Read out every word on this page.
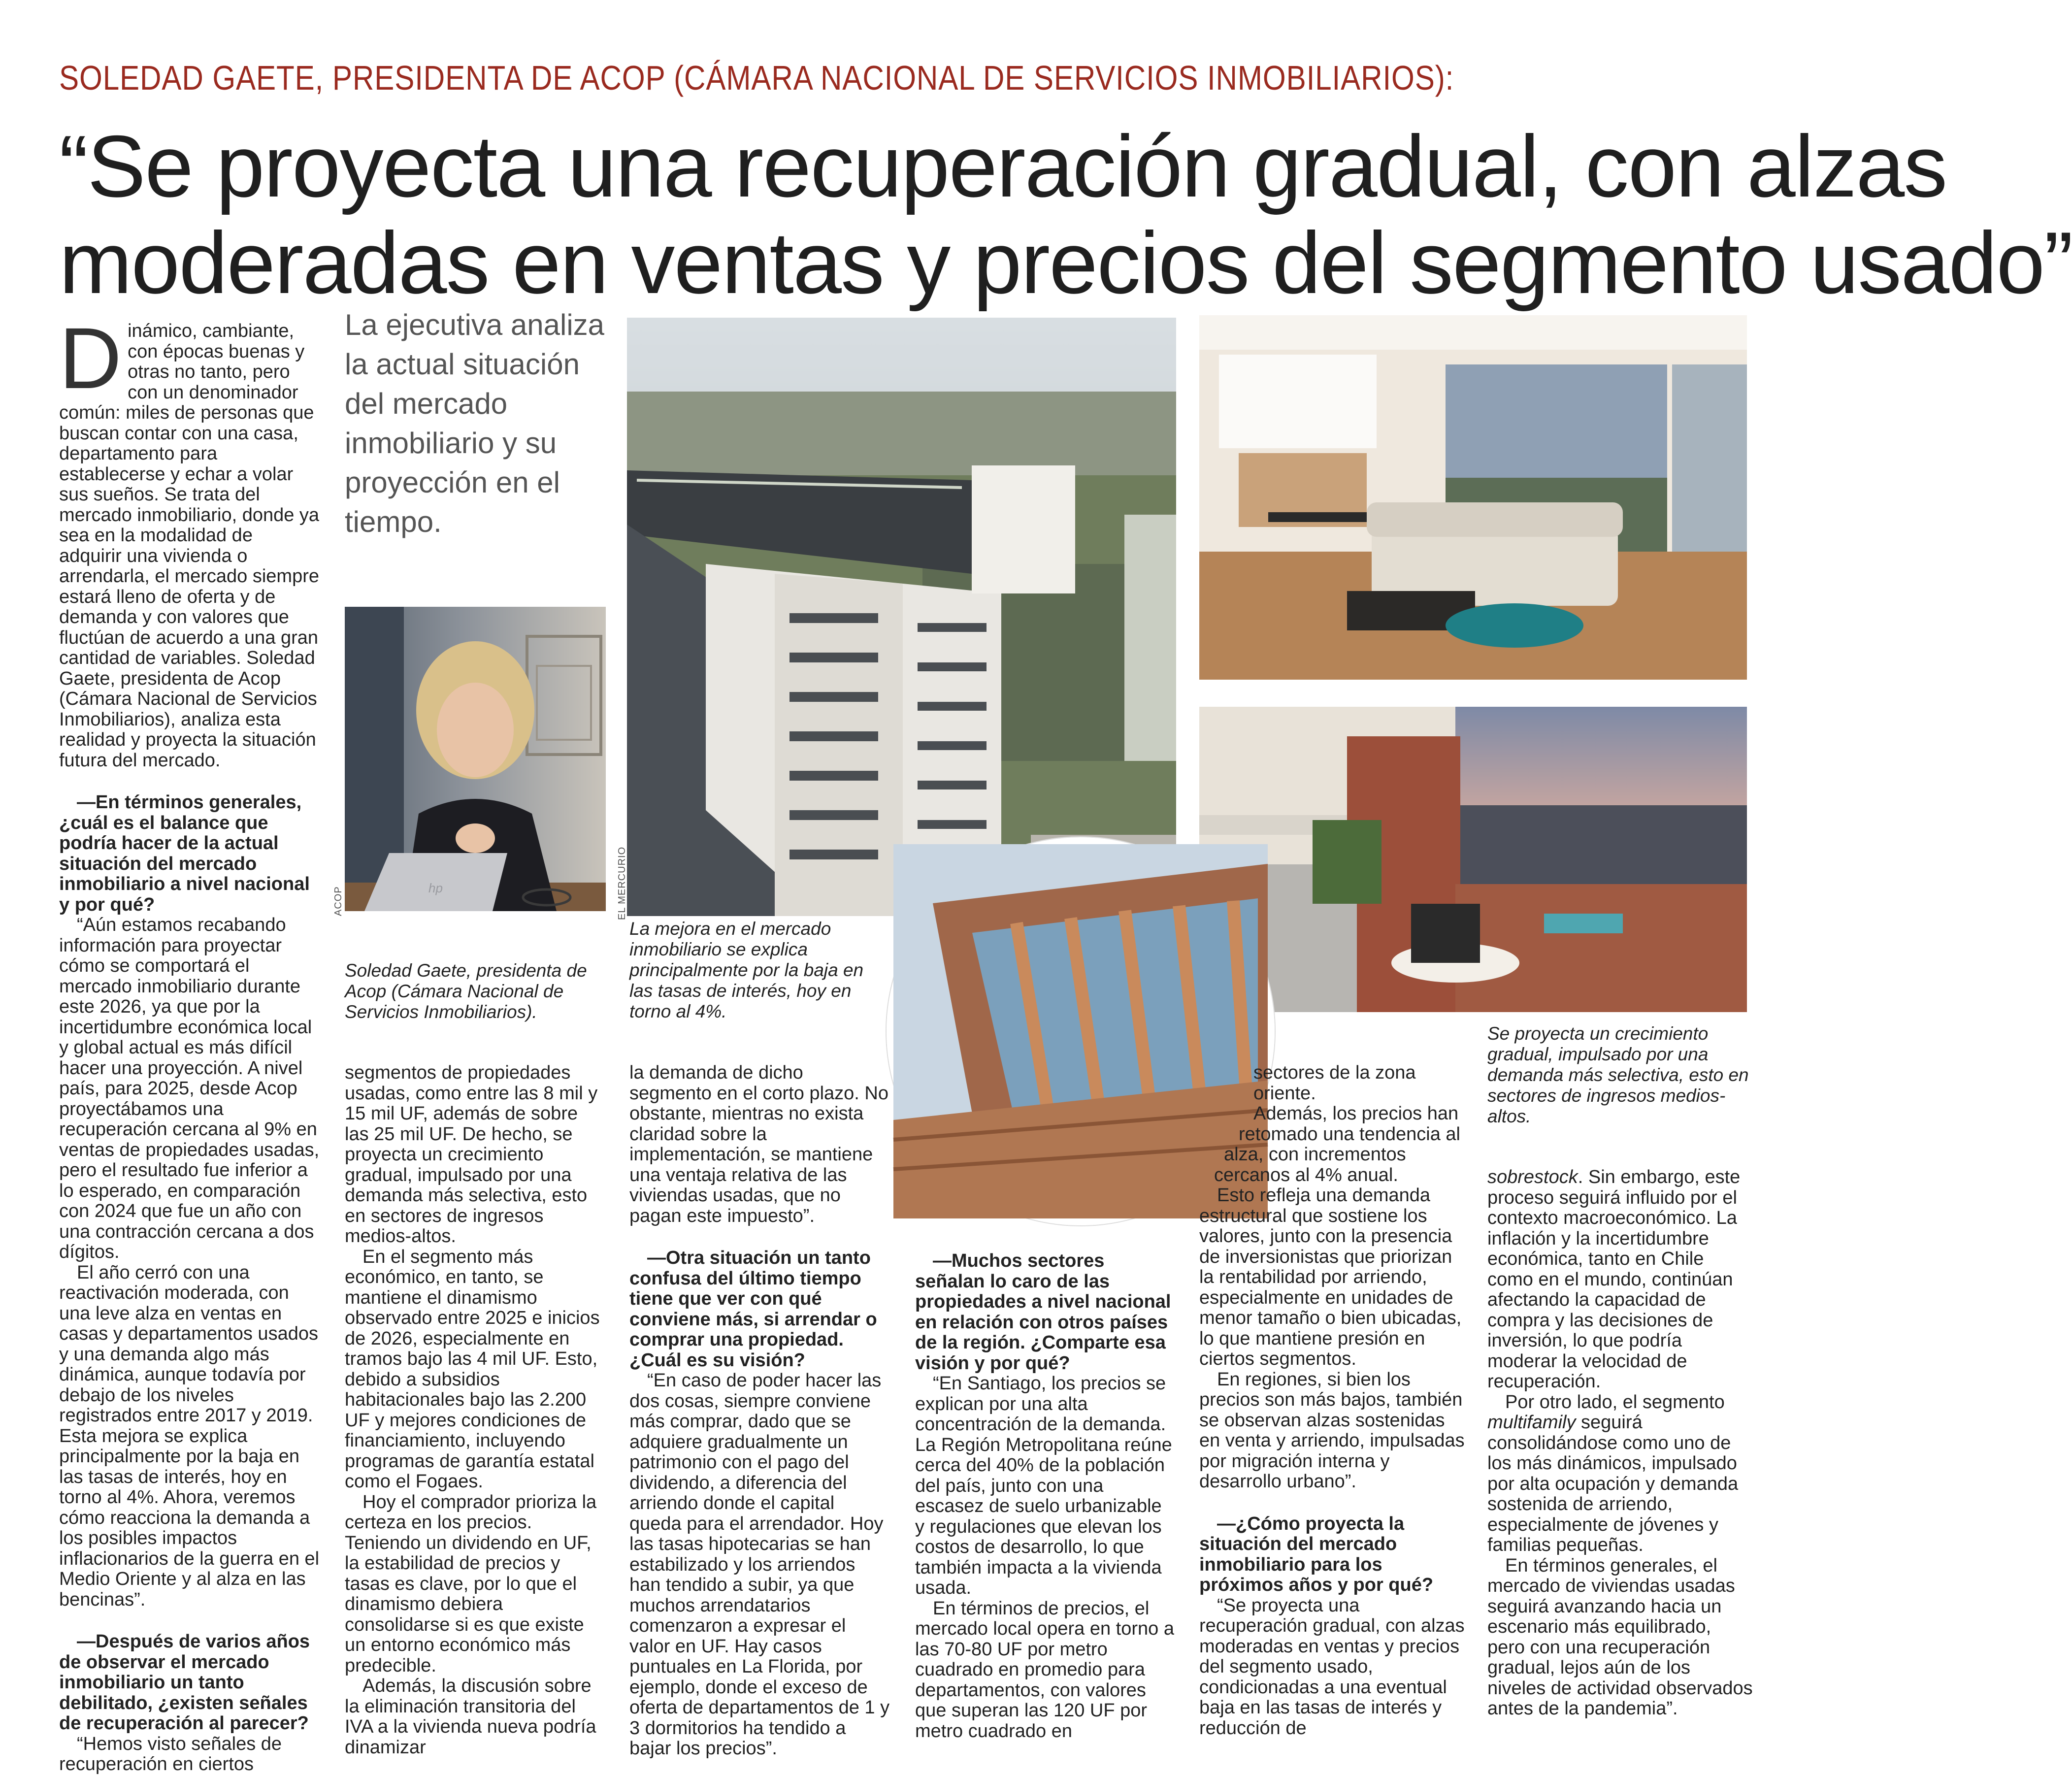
SOLEDAD GAETE, PRESIDENTA DE ACOP (CÁMARA NACIONAL DE SERVICIOS INMOBILIARIOS):
“Se proyecta una recuperación gradual, con alzas
moderadas en ventas y precios del segmento usado”

Dinámico, cambiante, con épocas buenas y otras no tanto, pero con un denominador común: miles de personas que buscan contar con una casa, departamento para establecerse y echar a volar sus sueños. Se trata del mercado inmobiliario, donde ya sea en la modalidad de adquirir una vivienda o arrendarla, el mercado siempre estará lleno de oferta y de demanda y con valores que fluctúan de acuerdo a una gran cantidad de variables. Soledad Gaete, presidenta de Acop (Cámara Nacional de Servicios Inmobiliarios), analiza esta realidad y proyecta la situación futura del mercado.

—En términos generales, ¿cuál es el balance que podría hacer de la actual situación del mercado inmobiliario a nivel nacional y por qué?

“Aún estamos recabando información para proyectar cómo se comportará el mercado inmobiliario durante este 2026, ya que por la incertidumbre económica local y global actual es más difícil hacer una proyección. A nivel país, para 2025, desde Acop proyectábamos una recuperación cercana al 9% en ventas de propiedades usadas, pero el resultado fue inferior a lo esperado, en comparación con 2024 que fue un año con una contracción cercana a dos dígitos.

El año cerró con una reactivación moderada, con una leve alza en ventas en casas y departamentos usados y una demanda algo más dinámica, aunque todavía por debajo de los niveles registrados entre 2017 y 2019. Esta mejora se explica principalmente por la baja en las tasas de interés, hoy en torno al 4%. Ahora, veremos cómo reacciona la demanda a los posibles impactos inflacionarios de la guerra en el Medio Oriente y al alza en las bencinas”.

—Después de varios años de observar el mercado inmobiliario un tanto debilitado, ¿existen señales de recuperación al parecer?

“Hemos visto señales de recuperación en ciertos

La ejecutiva analiza la actual situación del mercado inmobiliario y su proyección en el tiempo.
hp
ACOP
Soledad Gaete, presidenta de Acop (Cámara Nacional de Servicios Inmobiliarios).
EL MERCURIO
La mejora en el mercado inmobiliario se explica principalmente por la baja en las tasas de interés, hoy en torno al 4%.
Se proyecta un crecimiento gradual, impulsado por una demanda más selectiva, esto en sectores de ingresos medios-altos.

segmentos de propiedades usadas, como entre las 8 mil y 15 mil UF, además de sobre las 25 mil UF. De hecho, se proyecta un crecimiento gradual, impulsado por una demanda más selectiva, esto en sectores de ingresos medios-altos.

En el segmento más económico, en tanto, se mantiene el dinamismo observado entre 2025 e inicios de 2026, especialmente en tramos bajo las 4 mil UF. Esto, debido a subsidios habitacionales bajo las 2.200 UF y mejores condiciones de financiamiento, incluyendo programas de garantía estatal como el Fogaes.

Hoy el comprador prioriza la certeza en los precios. Teniendo un dividendo en UF, la estabilidad de precios y tasas es clave, por lo que el dinamismo debiera consolidarse si es que existe un entorno económico más predecible.

Además, la discusión sobre la eliminación transitoria del IVA a la vivienda nueva podría dinamizar

la demanda de dicho segmento en el corto plazo. No obstante, mientras no exista claridad sobre la implementación, se mantiene una ventaja relativa de las viviendas usadas, que no pagan este impuesto”.

—Otra situación un tanto confusa del último tiempo tiene que ver con qué conviene más, si arrendar o comprar una propiedad. ¿Cuál es su visión?

“En caso de poder hacer las dos cosas, siempre conviene más comprar, dado que se adquiere gradualmente un patrimonio con el pago del dividendo, a diferencia del arriendo donde el capital queda para el arrendador. Hoy las tasas hipotecarias se han estabilizado y los arriendos han tendido a subir, ya que muchos arrendatarios comenzaron a expresar el valor en UF. Hay casos puntuales en La Florida, por ejemplo, donde el exceso de oferta de departamentos de 1 y 3 dormitorios ha tendido a bajar los precios”.

—Muchos sectores señalan lo caro de las propiedades a nivel nacional en relación con otros países de la región. ¿Comparte esa visión y por qué?

“En Santiago, los precios se explican por una alta concentración de la demanda. La Región Metropolitana reúne cerca del 40% de la población del país, junto con una escasez de suelo urbanizable y regulaciones que elevan los costos de desarrollo, lo que también impacta a la vivienda usada.

En términos de precios, el mercado local opera en torno a las 70-80 UF por metro cuadrado en promedio para departamentos, con valores que superan las 120 UF por metro cuadrado en

sectores de la zona oriente.

Además, los precios han

retomado una tendencia al

alza, con incrementos

cercanos al 4% anual.

Esto refleja una demanda estructural que sostiene los valores, junto con la presencia de inversionistas que priorizan la rentabilidad por arriendo, especialmente en unidades de menor tamaño o bien ubicadas, lo que mantiene presión en ciertos segmentos.

En regiones, si bien los precios son más bajos, también se observan alzas sostenidas en venta y arriendo, impulsadas por migración interna y desarrollo urbano”.

—¿Cómo proyecta la situación del mercado inmobiliario para los próximos años y por qué?

“Se proyecta una recuperación gradual, con alzas moderadas en ventas y precios del segmento usado, condicionadas a una eventual baja en las tasas de interés y reducción de

sobrestock. Sin embargo, este proceso seguirá influido por el contexto macroeconómico. La inflación y la incertidumbre económica, tanto en Chile como en el mundo, continúan afectando la capacidad de compra y las decisiones de inversión, lo que podría moderar la velocidad de recuperación.

Por otro lado, el segmento multifamily seguirá consolidándose como uno de los más dinámicos, impulsado por alta ocupación y demanda sostenida de arriendo, especialmente de jóvenes y familias pequeñas.

En términos generales, el mercado de viviendas usadas seguirá avanzando hacia un escenario más equilibrado, pero con una recuperación gradual, lejos aún de los niveles de actividad observados antes de la pandemia”.
